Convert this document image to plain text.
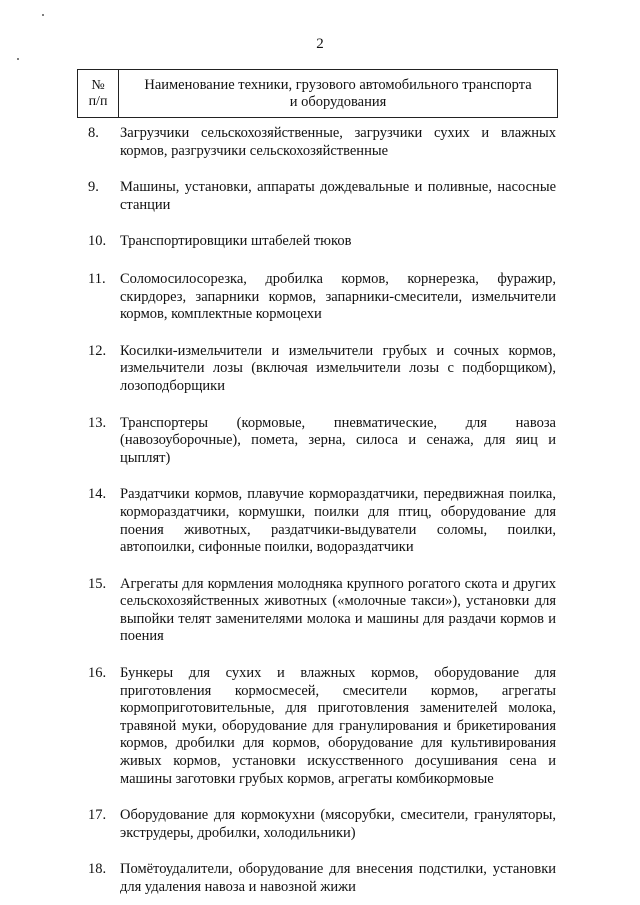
2
№
п/п
Наименование техники, грузового автомобильного транспорта
и оборудования
8.	Загрузчики сельскохозяйственные, загрузчики сухих и влажных кормов, разгрузчики сельскохозяйственные
9.	Машины, установки, аппараты дождевальные и поливные, насосные станции
10. Транспортировщики штабелей тюков
11. Соломосилосорезка, дробилка кормов, корнерезка, фуражир, скирдорез, запарники кормов, запарники-смесители, измельчители кормов, комплектные кормоцехи
12. Косилки-измельчители и измельчители грубых и сочных кормов, измельчители лозы (включая измельчители лозы с подборщиком), лозоподборщики
13. Транспортеры (кормовые, пневматические, для навоза (навозоуборочные), помета, зерна, силоса и сенажа, для яиц и цыплят)
14. Раздатчики кормов, плавучие кормораздатчики, передвижная поилка, кормораздатчики, кормушки, поилки для птиц, оборудование для поения животных, раздатчики-выдуватели соломы, поилки, автопоилки, сифонные поилки, водораздатчики
15. Агрегаты для кормления молодняка крупного рогатого скота и других сельскохозяйственных животных («молочные такси»), установки для выпойки телят заменителями молока и машины для раздачи кормов и поения
16. Бункеры для сухих и влажных кормов, оборудование для приготовления кормосмесей, смесители кормов, агрегаты кормоприготовительные, для приготовления заменителей молока, травяной муки, оборудование для гранулирования и брикетирования кормов, дробилки для кормов, оборудование для культивирования живых кормов, установки искусственного досушивания сена и машины заготовки грубых кормов, агрегаты комбикормовые
17. Оборудование для кормокухни (мясорубки, смесители, грануляторы, экструдеры, дробилки, холодильники)
18. Помётоудалители, оборудование для внесения подстилки, установки для удаления навоза и навозной жижи
